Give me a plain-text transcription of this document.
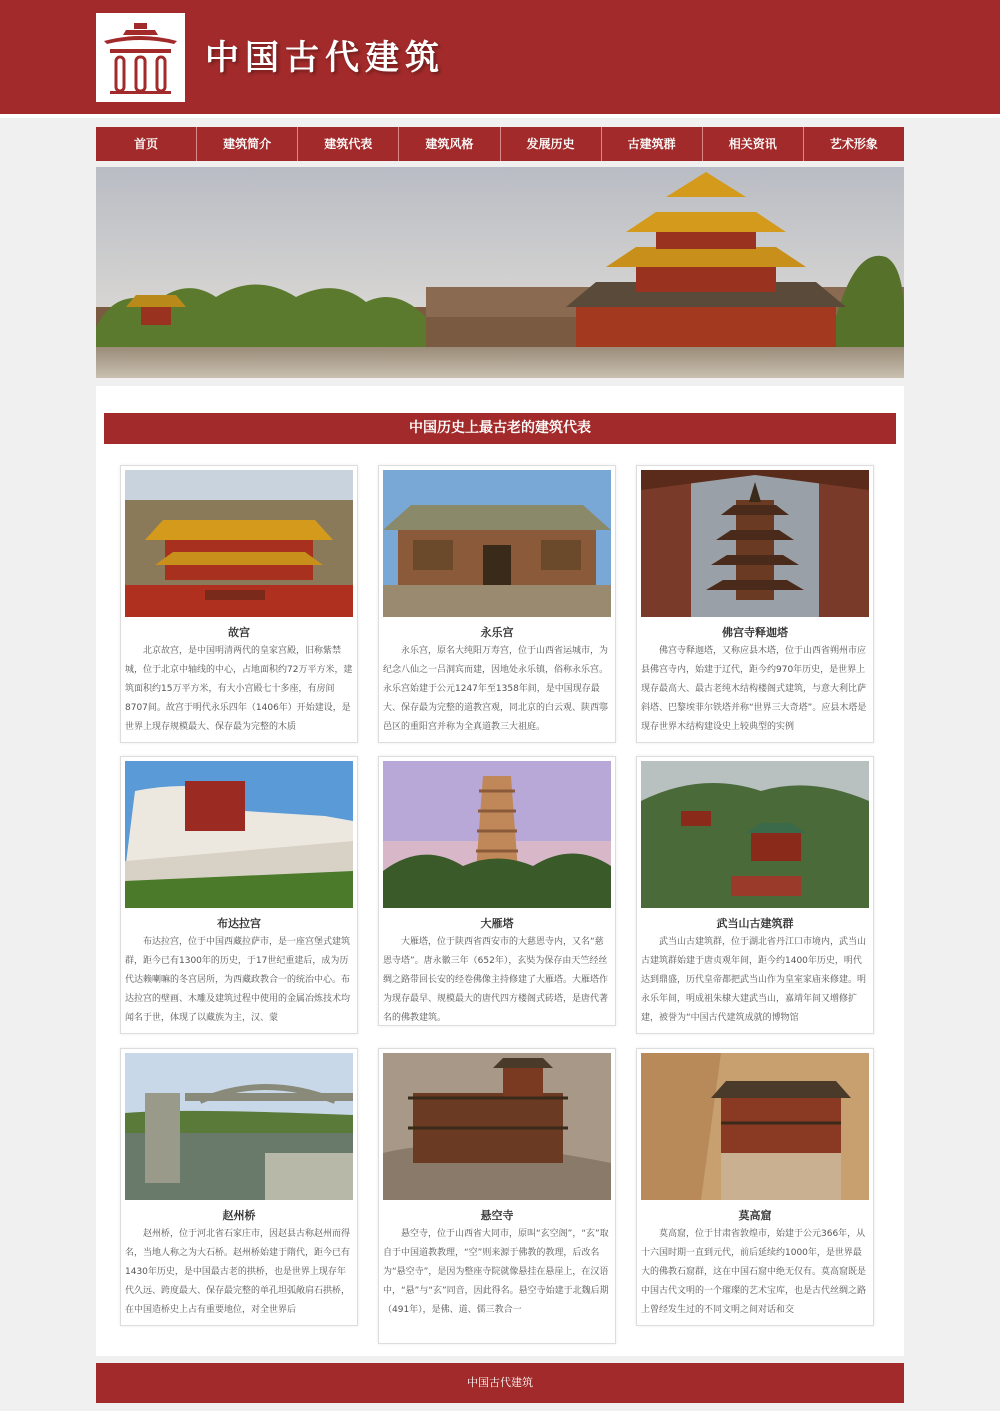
中国古代建筑
首页	建筑简介	建筑代表	建筑风格	发展历史	古建筑群	相关资讯	艺术形象
中国历史上最古老的建筑代表
故宫
北京故宫，是中国明清两代的皇家宫殿，旧称紫禁城，位于北京中轴线的中心，占地面积约72万平方米，建筑面积约15万平方米，有大小宫殿七十多座，有房间8707间。故宫于明代永乐四年（1406年）开始建设，是世界上现存规模最大、保存最为完整的木质
永乐宫
永乐宫，原名大纯阳万寿宫，位于山西省运城市，为纪念八仙之一吕洞宾而建，因地处永乐镇，俗称永乐宫。永乐宫始建于公元1247年至1358年间，是中国现存最大、保存最为完整的道教宫观，同北京的白云观、陕西鄠邑区的重阳宫并称为全真道教三大祖庭。
佛宫寺释迦塔
佛宫寺释迦塔，又称应县木塔，位于山西省朔州市应县佛宫寺内，始建于辽代，距今约970年历史，是世界上现存最高大、最古老纯木结构楼阁式建筑，与意大利比萨斜塔、巴黎埃菲尔铁塔并称“世界三大奇塔”。应县木塔是现存世界木结构建设史上较典型的实例
布达拉宫
布达拉宫，位于中国西藏拉萨市，是一座宫堡式建筑群，距今已有1300年的历史，于17世纪重建后，成为历代达赖喇嘛的冬宫居所，为西藏政教合一的统治中心。布达拉宫的壁画、木雕及建筑过程中使用的金属冶炼技术均闻名于世，体现了以藏族为主，汉、蒙
大雁塔
大雁塔，位于陕西省西安市的大慈恩寺内，又名“慈恩寺塔”。唐永徽三年（652年），玄奘为保存由天竺经丝绸之路带回长安的经卷佛像主持修建了大雁塔。大雁塔作为现存最早、规模最大的唐代四方楼阁式砖塔，是唐代著名的佛教建筑。
武当山古建筑群
武当山古建筑群，位于湖北省丹江口市境内，武当山古建筑群始建于唐贞观年间，距今约1400年历史，明代达到鼎盛，历代皇帝都把武当山作为皇室家庙来修建。明永乐年间，明成祖朱棣大建武当山，嘉靖年间又增修扩建，被誉为“中国古代建筑成就的博物馆
赵州桥
赵州桥，位于河北省石家庄市，因赵县古称赵州而得名，当地人称之为大石桥。赵州桥始建于隋代，距今已有1430年历史，是中国最古老的拱桥，也是世界上现存年代久远、跨度最大、保存最完整的单孔坦弧敞肩石拱桥，在中国造桥史上占有重要地位，对全世界后
悬空寺
悬空寺，位于山西省大同市，原叫“玄空阁”，“玄”取自于中国道教教理，“空”则来源于佛教的教理，后改名为“悬空寺”，是因为整座寺院就像悬挂在悬崖上，在汉语中，“悬”与“玄”同音，因此得名。悬空寺始建于北魏后期（491年），是佛、道、儒三教合一
莫高窟
莫高窟，位于甘肃省敦煌市，始建于公元366年，从十六国时期一直到元代，前后延续约1000年，是世界最大的佛教石窟群，这在中国石窟中绝无仅有。莫高窟既是中国古代文明的一个璀璨的艺术宝库，也是古代丝绸之路上曾经发生过的不同文明之间对话和交
中国古代建筑
